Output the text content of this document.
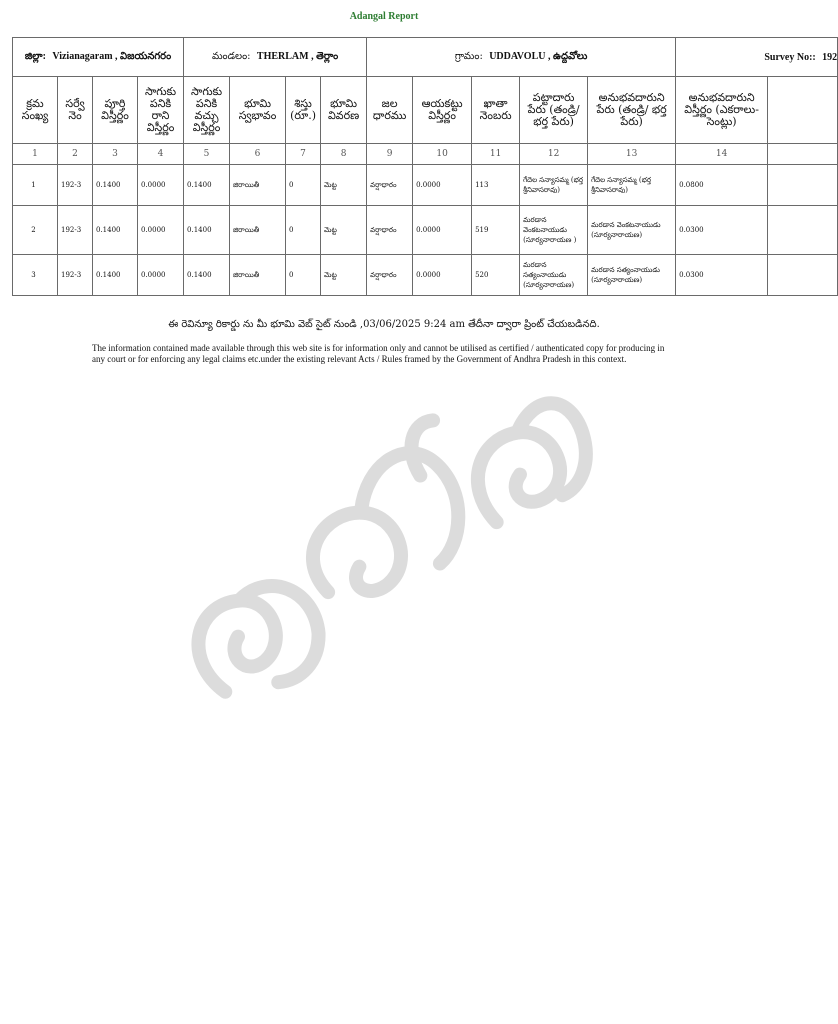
Adangal Report
జిల్లా: Vizianagaram , విజయనగరం				మండలం: THERLAM , తెర్లాం				గ్రామం: UDDAVOLU , ఉద్దవోలు					Survey No:: 192	
క్రమ సంఖ్య	సర్వే నెం	పూర్తి విస్తీర్ణం	సాగుకు పనికి రాని విస్తీర్ణం	సాగుకు పనికి వచ్చు విస్తీర్ణం	భూమి స్వభావం	శిస్తు (రూ.)	భూమి వివరణ	జల ధారము	ఆయకట్టు విస్తీర్ణం	ఖాతా నెంబరు	పట్టాదారు పేరు (తండ్రి/భర్త పేరు)	అనుభవదారుని పేరు (తండ్రి/ భర్త పేరు)	అనుభవదారుని విస్తీర్ణం (ఎకరాలు-సెంట్లు)	
1	2	3	4	5	6	7	8	9	10	11	12	13	14	
1	192-3	0.1400	0.0000	0.1400	జిరాయితీ	0	మెట్ట	వర్షాధారం	0.0000	113	గేదెల సన్యాసమ్మ (భర్త శ్రీనివాసరావు)	గేదెల సన్యాసమ్మ (భర్త శ్రీనివాసరావు)	0.0800	
2	192-3	0.1400	0.0000	0.1400	జిరాయితీ	0	మెట్ట	వర్షాధారం	0.0000	519	మరడాన వెంకటనాయుడు (సూర్యనారాయణ )	మరడాన వెంకటనాయుడు (సూర్యనారాయణ)	0.0300	
3	192-3	0.1400	0.0000	0.1400	జిరాయితీ	0	మెట్ట	వర్షాధారం	0.0000	520	మరడాన సత్యంనాయుడు (సూర్యనారాయణ)	మరడాన సత్యంనాయుడు (సూర్యనారాయణ)	0.0300	
ఈ రెవిన్యూ రికార్డు ను మీ భూమి వెబ్ సైట్ నుండి ,03/06/2025 9:24 am తేదీనా ద్వారా ప్రింట్ చేయబడినది.
The information contained made available through this web site is for information only and cannot be utilised as certified / authenticated copy for producing in any court or for enforcing any legal claims etc.under the existing relevant Acts / Rules framed by the Government of Andhra Pradesh in this context.
